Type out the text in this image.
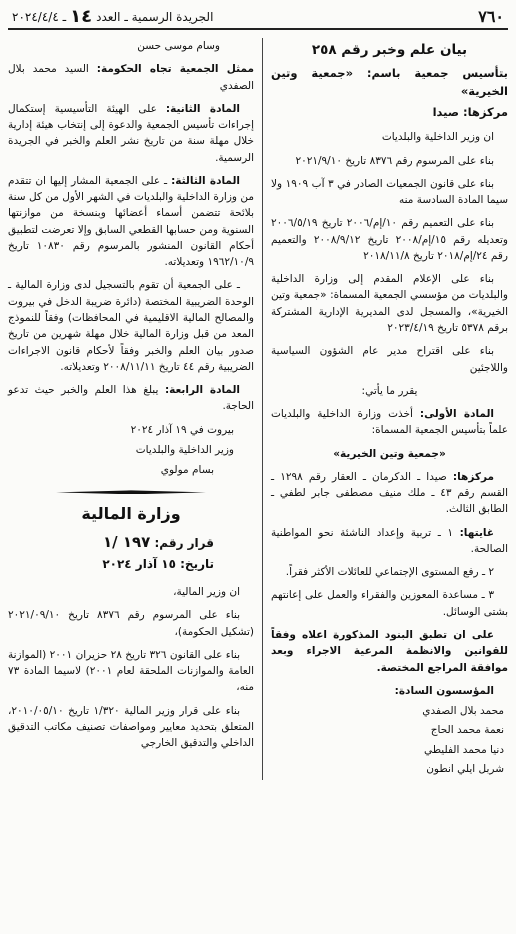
٧٦٠
الجريدة الرسمية ـ العدد
١٤
ـ ٢٠٢٤/٤/٤
بيان علم وخبر رقم ٢٥٨
بتأسيس جمعية باسم: «جمعية وتين الخيرية»
مركزها: صيدا

ان وزير الداخلية والبلديات

بناء على المرسوم رقم ٨٣٧٦ تاريخ ٢٠٢١/٩/١٠

بناء على قانون الجمعيات الصادر في ٣ آب ١٩٠٩ ولا سيما المادة السادسة منه

بناء على التعميم رقم ١٠/إم/٢٠٠٦ تاريخ ٢٠٠٦/٥/١٩ وتعديله رقم ١٥/إم/٢٠٠٨ تاريخ ٢٠٠٨/٩/١٢ والتعميم رقم ٢٤/إم/٢٠١٨ تاريخ ٢٠١٨/١١/٨

بناء على الإعلام المقدم إلى وزارة الداخلية والبلديات من مؤسسي الجمعية المسماة: «جمعية وتين الخيرية»، والمسجل لدى المديرية الإدارية المشتركة برقم ٥٣٧٨ تاريخ ٢٠٢٣/٤/١٩

بناء على اقتراح مدير عام الشؤون السياسية واللاجئين

يقرر ما يأتي:

المادة الأولى: أخذت وزارة الداخلية والبلديات علماً بتأسيس الجمعية المسماة:

«جمعية وتين الخيرية»

مركزها: صيدا ـ الدكرمان ـ العقار رقم ١٢٩٨ ـ القسم رقم ٤٣ ـ ملك منيف مصطفى جابر لطفي ـ الطابق الثالث.

غايتها: ١ ـ تربية وإعداد الناشئة نحو المواطنية الصالحة.

٢ ـ رفع المستوى الإجتماعي للعائلات الأكثر فقراً.

٣ ـ مساعدة المعوزين والفقراء والعمل على إعانتهم بشتى الوسائل.

على ان تطبق البنود المذكورة اعلاه وفقاً للقوانين والانظمة المرعية الاجراء وبعد موافقة المراجع المختصة.

المؤسسون السادة:

محمد بلال الصفدي

نعمة محمد الحاج

دنيا محمد الفليطي

شربل ايلي انطون

وسام موسى حسن

ممثل الجمعية تجاه الحكومة: السيد محمد بلال الصفدي

المادة الثانية: على الهيئة التأسيسية إستكمال إجراءات تأسيس الجمعية والدعوة إلى إنتخاب هيئة إدارية خلال مهلة سنة من تاريخ نشر العلم والخبر في الجريدة الرسمية.

المادة الثالثة: ـ على الجمعية المشار إليها ان تتقدم من وزارة الداخلية والبلديات في الشهر الأول من كل سنة بلائحة تتضمن أسماء أعضائها وبنسخة من موازنتها السنوية ومن حسابها القطعي السابق وإلا تعرضت لتطبيق أحكام القانون المنشور بالمرسوم رقم ١٠٨٣٠ تاريخ ١٩٦٢/١٠/٩ وتعديلاته.

ـ على الجمعية أن تقوم بالتسجيل لدى وزارة المالية ـ الوحدة الضريبية المختصة (دائرة ضريبة الدخل في بيروت والمصالح المالية الاقليمية في المحافظات) وفقاً للنموذج المعد من قبل وزارة المالية خلال مهلة شهرين من تاريخ صدور بيان العلم والخبر وفقاً لأحكام قانون الاجراءات الضريبية رقم ٤٤ تاريخ ٢٠٠٨/١١/١١ وتعديلاته.

المادة الرابعة: يبلغ هذا العلم والخبر حيث تدعو الحاجة.

بيروت في ١٩ آذار ٢٠٢٤

وزير الداخلية والبلديات

بسام مولوي

وزارة المالية
قرار رقم: ١٩٧ /١
تاريخ: ١٥ آذار ٢٠٢٤

ان وزير المالية،

بناء على المرسوم رقم ٨٣٧٦ تاريخ ٢٠٢١/٠٩/١٠ (تشكيل الحكومة)،

بناء على القانون ٣٢٦ تاريخ ٢٨ حزيران ٢٠٠١ (الموازنة العامة والموازنات الملحقة لعام ٢٠٠١) لاسيما المادة ٧٣ منه،

بناء على قرار وزير المالية ١/٣٢٠ تاريخ ٢٠١٠/٠٥/١٠، المتعلق بتحديد معايير ومواصفات تصنيف مكاتب التدقيق الداخلي والتدقيق الخارجي
